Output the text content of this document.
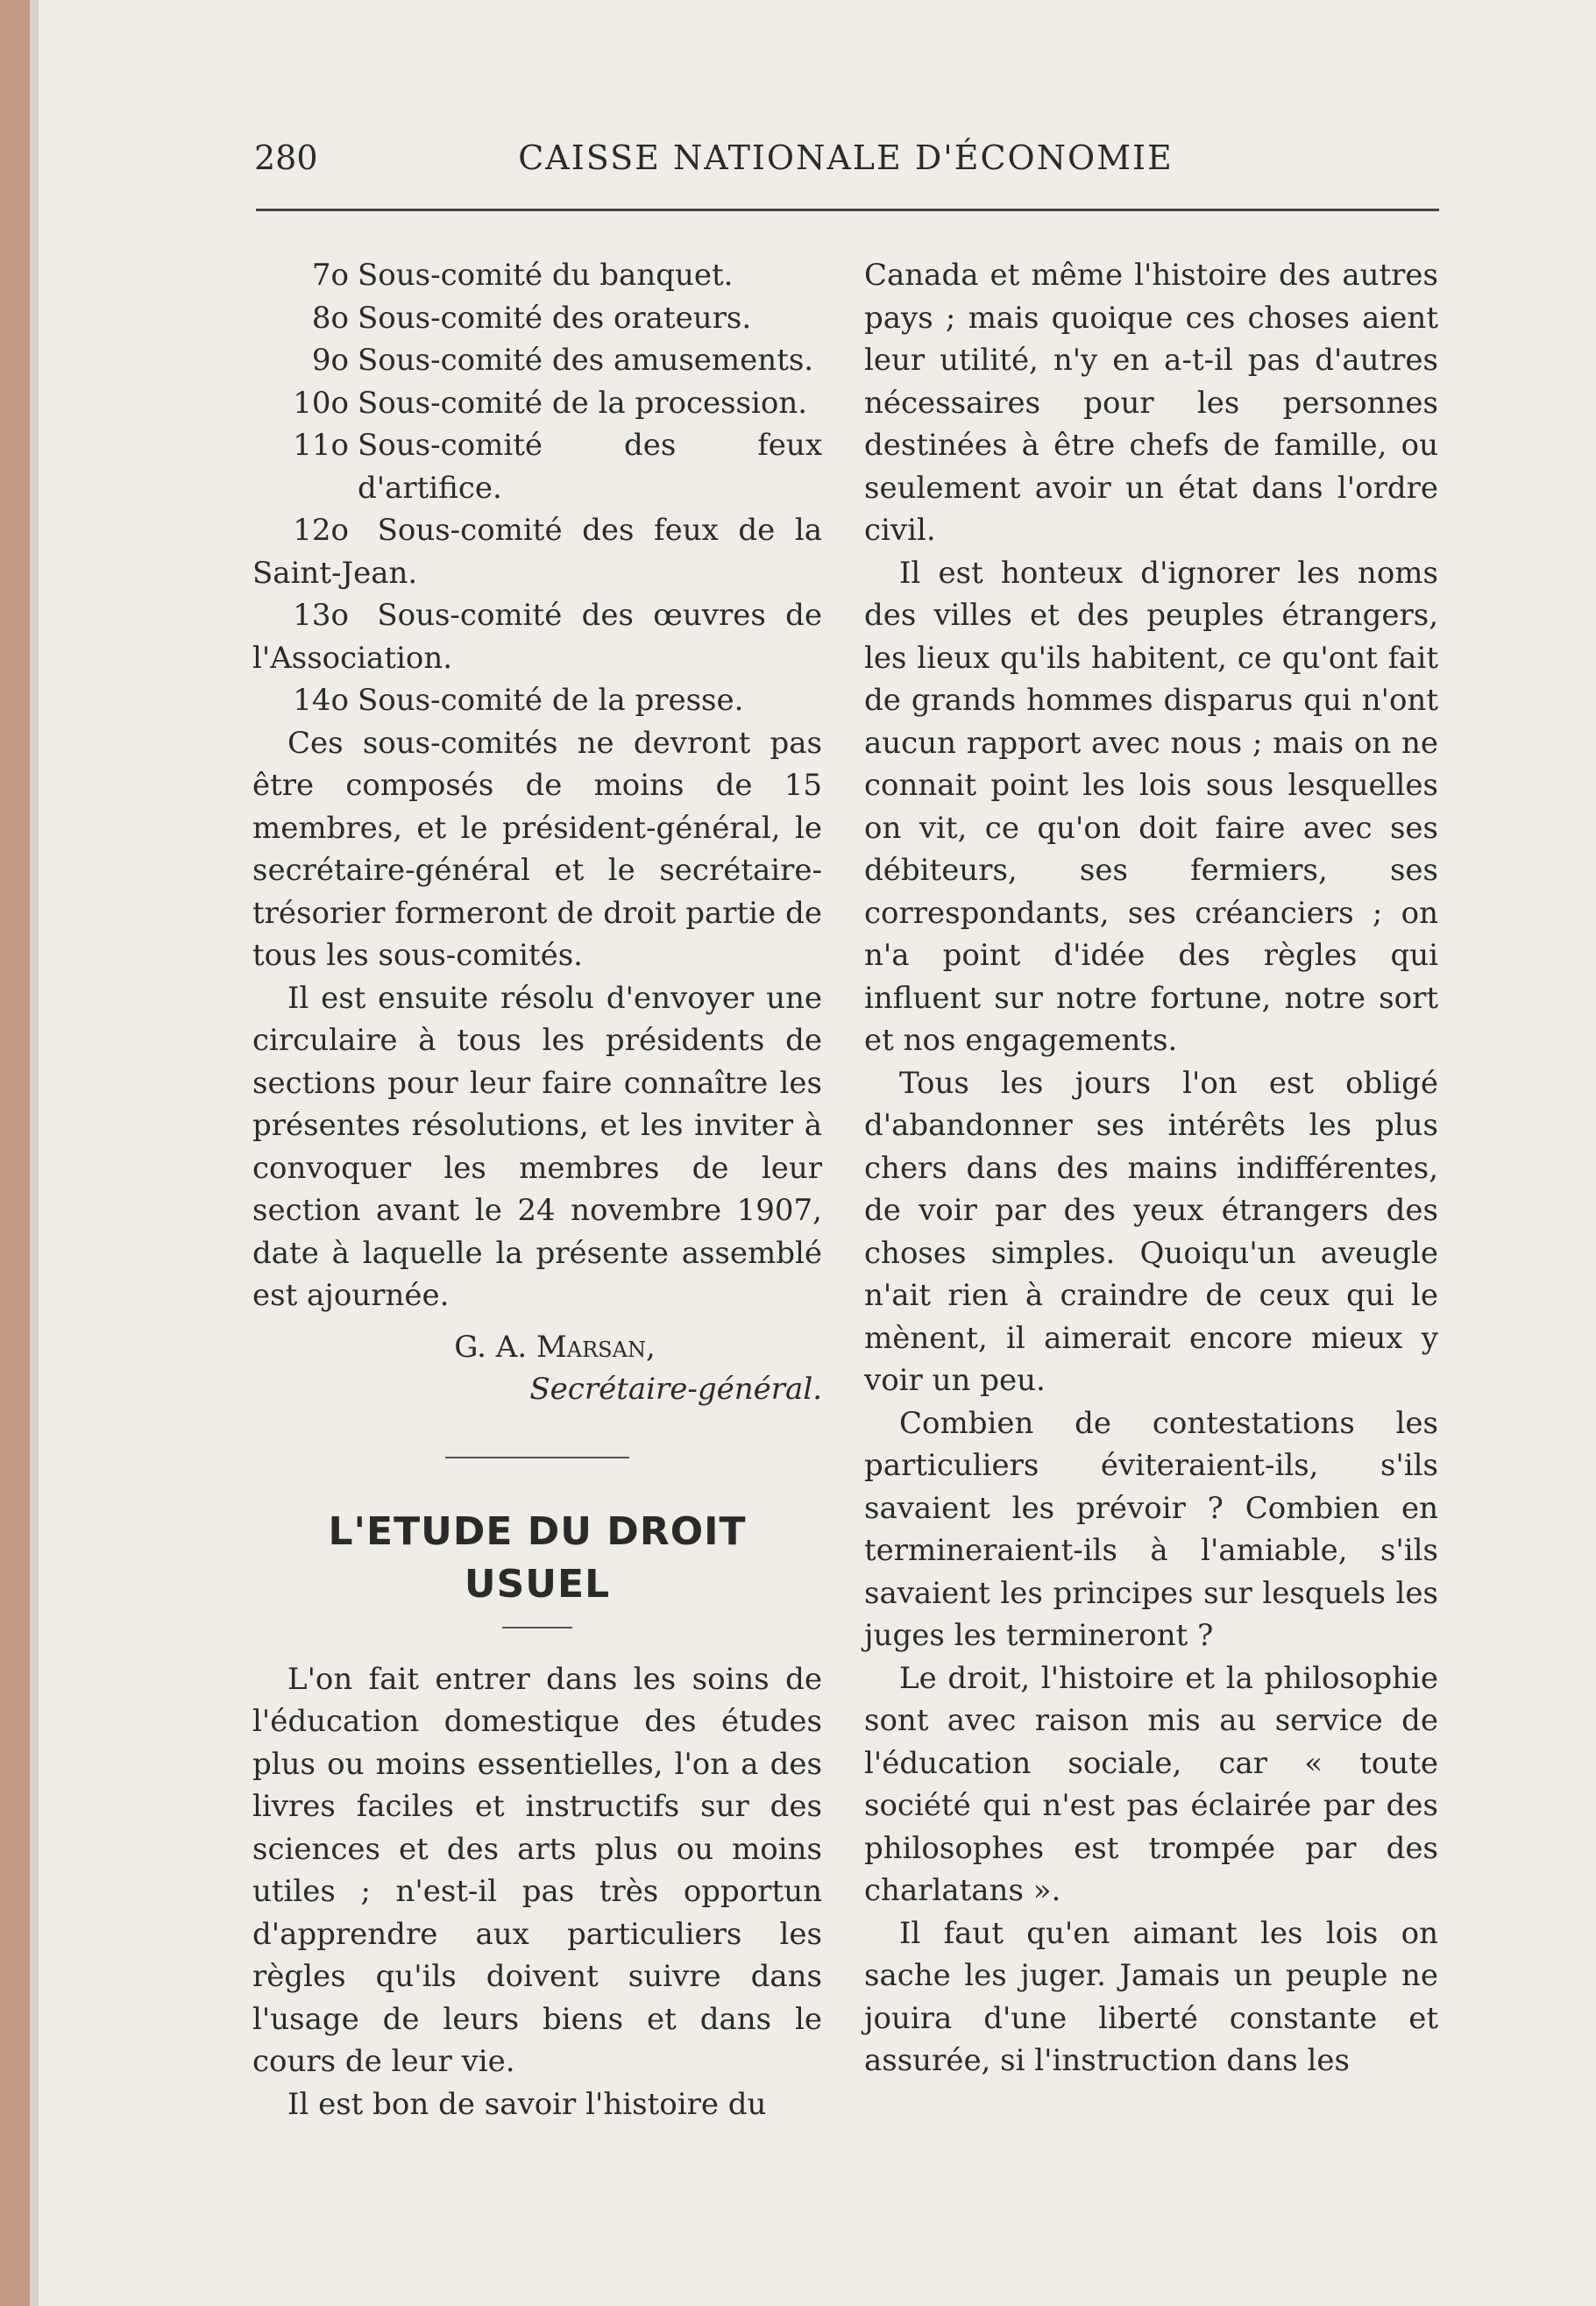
280	CAISSE NATIONALE D'ÉCONOMIE
7o Sous-comité du banquet.
8o Sous-comité des orateurs.
9o Sous-comité des amusements.
10o Sous-comité de la procession.
11o Sous-comité des feux d'artifice.
12o Sous-comité des feux de la Saint-Jean.
13o Sous-comité des œuvres de l'Association.
14o Sous-comité de la presse.

Ces sous-comités ne devront pas être composés de moins de 15 membres, et le président-général, le secrétaire-général et le secrétaire-trésorier formeront de droit partie de tous les sous-comités.

Il est ensuite résolu d'envoyer une circulaire à tous les présidents de sections pour leur faire connaître les présentes résolutions, et les inviter à convoquer les membres de leur section avant le 24 novembre 1907, date à laquelle la présente assemblé est ajournée.

G. A. Marsan,
Secrétaire-général.
L'ETUDE DU DROIT USUEL

L'on fait entrer dans les soins de l'éducation domestique des études plus ou moins essentielles, l'on a des livres faciles et instructifs sur des sciences et des arts plus ou moins utiles ; n'est-il pas très opportun d'apprendre aux particuliers les règles qu'ils doivent suivre dans l'usage de leurs biens et dans le cours de leur vie.

Il est bon de savoir l'histoire du

Canada et même l'histoire des autres pays ; mais quoique ces choses aient leur utilité, n'y en a-t-il pas d'autres nécessaires pour les personnes destinées à être chefs de famille, ou seulement avoir un état dans l'ordre civil.

Il est honteux d'ignorer les noms des villes et des peuples étrangers, les lieux qu'ils habitent, ce qu'ont fait de grands hommes disparus qui n'ont aucun rapport avec nous ; mais on ne connait point les lois sous lesquelles on vit, ce qu'on doit faire avec ses débiteurs, ses fermiers, ses correspondants, ses créanciers ; on n'a point d'idée des règles qui influent sur notre fortune, notre sort et nos engagements.

Tous les jours l'on est obligé d'abandonner ses intérêts les plus chers dans des mains indifférentes, de voir par des yeux étrangers des choses simples. Quoiqu'un aveugle n'ait rien à craindre de ceux qui le mènent, il aimerait encore mieux y voir un peu.

Combien de contestations les particuliers éviteraient-ils, s'ils savaient les prévoir ? Combien en termineraient-ils à l'amiable, s'ils savaient les principes sur lesquels les juges les termineront ?

Le droit, l'histoire et la philosophie sont avec raison mis au service de l'éducation sociale, car « toute société qui n'est pas éclairée par des philosophes est trompée par des charlatans ».

Il faut qu'en aimant les lois on sache les juger. Jamais un peuple ne jouira d'une liberté constante et assurée, si l'instruction dans les
